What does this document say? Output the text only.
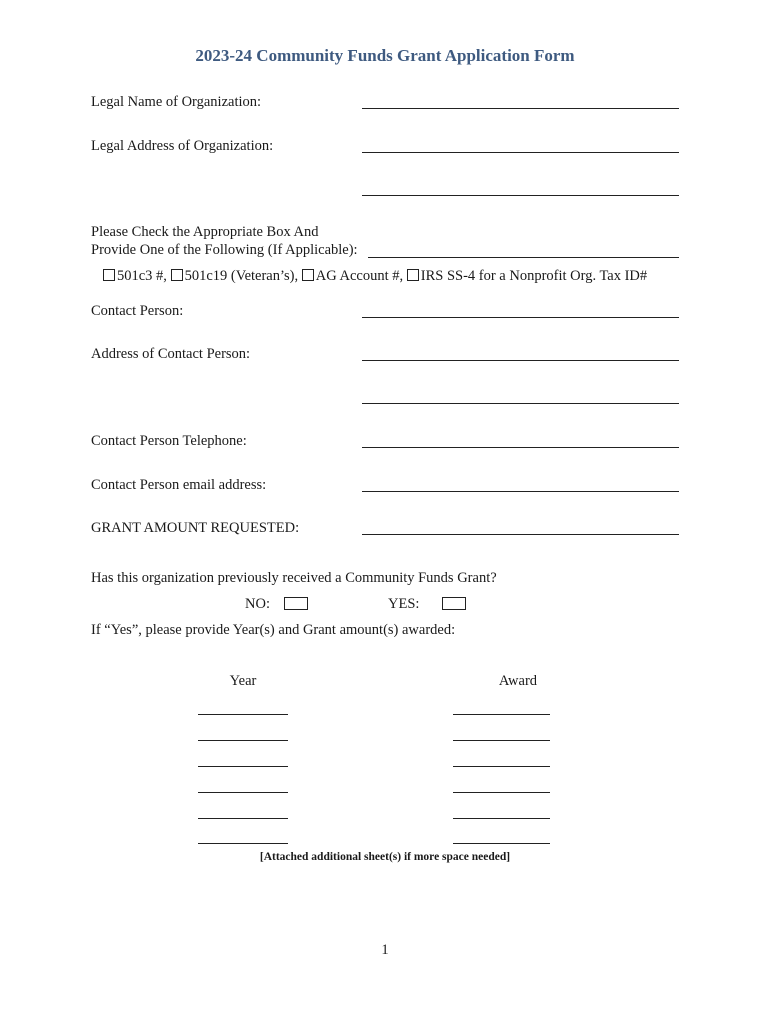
2023-24 Community Funds Grant Application Form
Legal Name of Organization:
Legal Address of Organization:
Please Check the Appropriate Box And
Provide One of the Following (If Applicable):
501c3 #, 501c19 (Veteran’s), AG Account #, IRS SS-4 for a Nonprofit Org. Tax ID#
Contact Person:
Address of Contact Person:
Contact Person Telephone:
Contact Person email address:
GRANT AMOUNT REQUESTED:
Has this organization previously received a Community Funds Grant?
NO:	YES:
If “Yes”, please provide Year(s) and Grant amount(s) awarded:
Year	Award
[Attached additional sheet(s) if more space needed]
1
